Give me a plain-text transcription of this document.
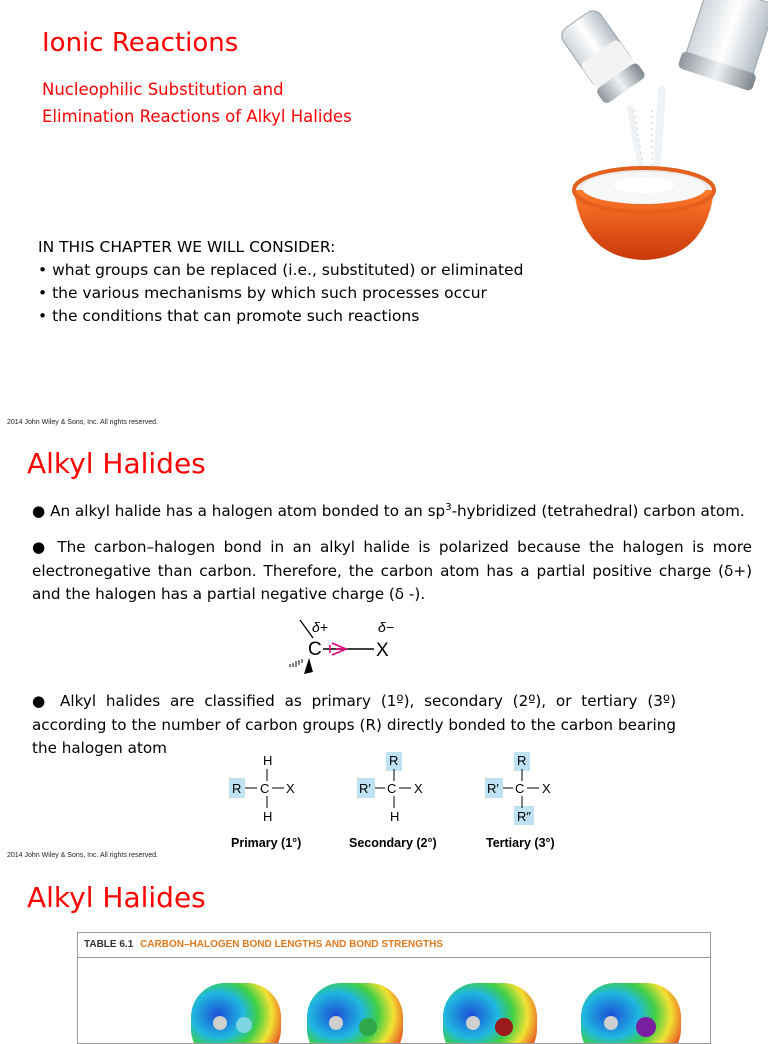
Ionic Reactions
Nucleophilic Substitution and
Elimination Reactions of Alkyl Halides
IN THIS CHAPTER WE WILL CONSIDER:
• what groups can be replaced (i.e., substituted) or eliminated
• the various mechanisms by which such processes occur
• the conditions that can promote such reactions
2014 John Wiley & Sons, Inc. All rights reserved.
Alkyl Halides
● An alkyl halide has a halogen atom bonded to an $sp^3$-hybridized (tetrahedral) carbon atom.
● The carbon–halogen bond in an alkyl halide is polarized because the halogen is more electronegative than carbon. Therefore, the carbon atom has a partial positive charge (δ+) and the halogen has a partial negative charge (δ -).
δ+	δ−
C	X
● Alkyl halides are classified as primary (1º), secondary (2º), or tertiary (3º) according to the number of carbon groups (R) directly bonded to the carbon bearing the halogen atom
H
R C X
H
R
R′ C X
H
R
R′ C X
R″
Primary (1°)	Secondary (2°)	Tertiary (3°)
2014 John Wiley & Sons, Inc. All rights reserved.
Alkyl Halides
TABLE 6.1 CARBON–HALOGEN BOND LENGTHS AND BOND STRENGTHS
